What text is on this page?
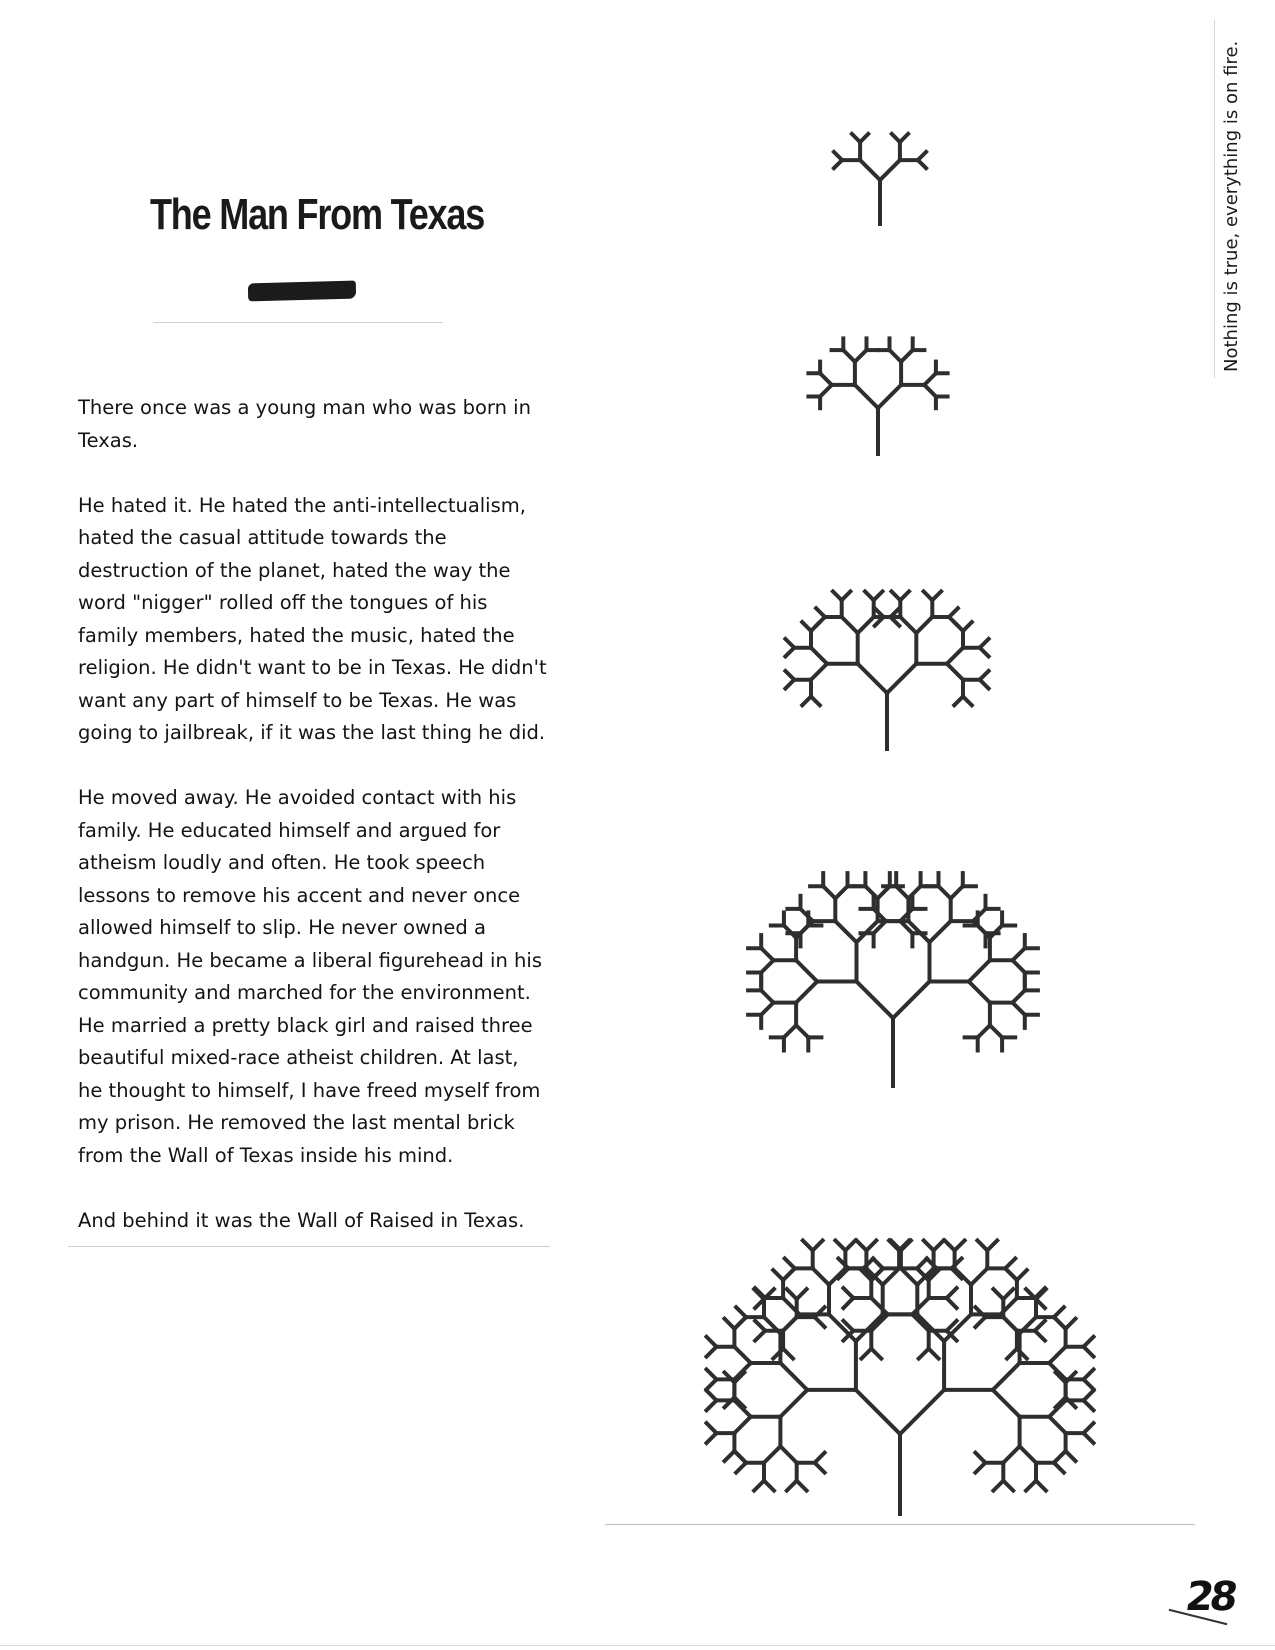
The Man From Texas

There once was a young man who was born in Texas.

He hated it. He hated the anti-intellectualism, hated the casual attitude towards the destruction of the planet, hated the way the word "nigger" rolled off the tongues of his family members, hated the music, hated the religion. He didn't want to be in Texas. He didn't want any part of himself to be Texas. He was going to jailbreak, if it was the last thing he did.

He moved away. He avoided contact with his family. He educated himself and argued for atheism loudly and often. He took speech lessons to remove his accent and never once allowed himself to slip. He never owned a handgun. He became a liberal figurehead in his community and marched for the environment. He married a pretty black girl and raised three beautiful mixed-race atheist children. At last, he thought to himself, I have freed myself from my prison. He removed the last mental brick from the Wall of Texas inside his mind.

And behind it was the Wall of Raised in Texas.

Nothing is true, everything is on fire.
28
